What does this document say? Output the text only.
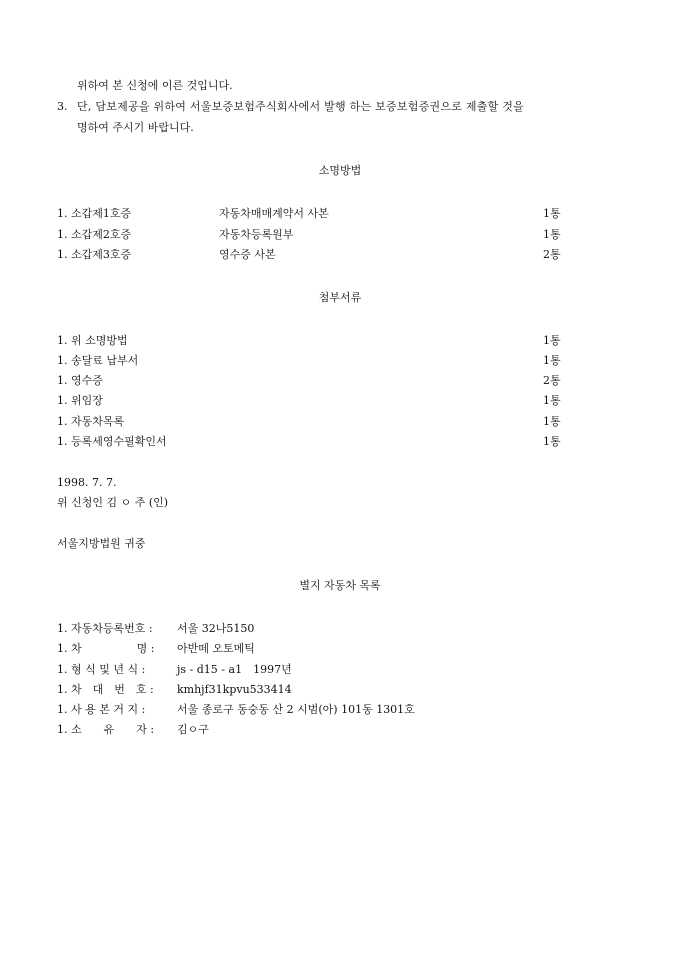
위하여 본 신청에 이른 것입니다.
3. 단, 담보제공을 위하여 서울보증보험주식회사에서 발행 하는 보증보험증권으로 제출할 것을
명하여 주시기 바랍니다.
소명방법
1. 소갑제1호증	자동차매매계약서 사본	1통
1. 소갑제2호증	자동차등록원부	1통
1. 소갑제3호증	영수증 사본	2통
첨부서류
1. 위 소명방법	1통
1. 송달료 납부서	1통
1. 영수증	2통
1. 위임장	1통
1. 자동차목록	1통
1. 등록세영수필확인서	1통
1998. 7. 7.
위 신청인 김 ㅇ 주 (인)
서울지방법원 귀중
별지 자동차 목록
1. 자동차등록번호 : 서울 32나5150
1. 차　　　　　명 : 아반떼 오토메틱
1. 형 식 및 년 식 :	js - d15 - a1　1997년
1. 차　대　번　호 : kmhjf31kpvu533414
1. 사 용 본 거 지 :	서울 종로구 동숭동 산 2 시범(아) 101동 1301호
1. 소　　유　　자 : 김ㅇ구
